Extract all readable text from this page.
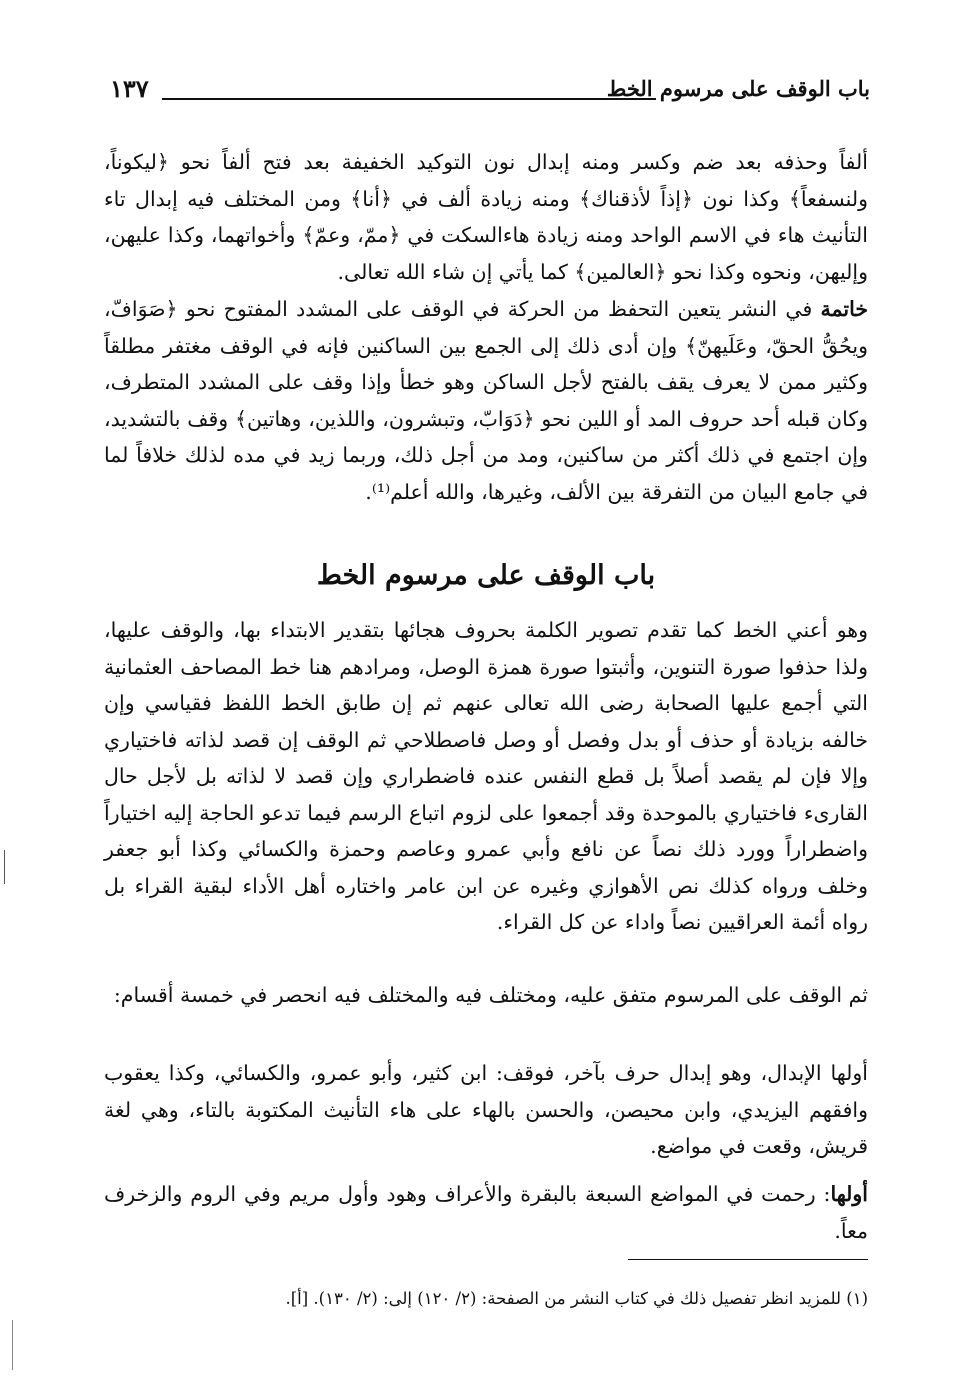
باب الوقف على مرسوم الخط
١٣٧
ألفاً وحذفه بعد ضم وكسر ومنه إبدال نون التوكيد الخفيفة بعد فتح ألفاً نحو ﴿ليكوناً، ولنسفعاً﴾ وكذا نون ﴿إذاً لأذقناك﴾ ومنه زيادة ألف في ﴿أنا﴾ ومن المختلف فيه إبدال تاء التأنيث هاء في الاسم الواحد ومنه زيادة هاءالسكت في ﴿ممّ، وعمّ﴾ وأخواتهما، وكذا عليهن، وإليهن، ونحوه وكذا نحو ﴿العالمين﴾ كما يأتي إن شاء الله تعالى.
خاتمة في النشر يتعين التحفظ من الحركة في الوقف على المشدد المفتوح نحو ﴿صَوَافّ، ويحُقُّ الحقّ، وعَلَيهنّ﴾ وإن أدى ذلك إلى الجمع بين الساكنين فإنه في الوقف مغتفر مطلقاً وكثير ممن لا يعرف يقف بالفتح لأجل الساكن وهو خطأ وإذا وقف على المشدد المتطرف، وكان قبله أحد حروف المد أو اللين نحو ﴿دَوَابّ، وتبشرون، واللذين، وهاتين﴾ وقف بالتشديد، وإن اجتمع في ذلك أكثر من ساكنين، ومد من أجل ذلك، وربما زيد في مده لذلك خلافاً لما في جامع البيان من التفرقة بين الألف، وغيرها، والله أعلم⁽¹⁾.
باب الوقف على مرسوم الخط
وهو أعني الخط كما تقدم تصوير الكلمة بحروف هجائها بتقدير الابتداء بها، والوقف عليها، ولذا حذفوا صورة التنوين، وأثبتوا صورة همزة الوصل، ومرادهم هنا خط المصاحف العثمانية التي أجمع عليها الصحابة رضى الله تعالى عنهم ثم إن طابق الخط اللفظ فقياسي وإن خالفه بزيادة أو حذف أو بدل وفصل أو وصل فاصطلاحي ثم الوقف إن قصد لذاته فاختياري وإلا فإن لم يقصد أصلاً بل قطع النفس عنده فاضطراري وإن قصد لا لذاته بل لأجل حال القارىء فاختياري بالموحدة وقد أجمعوا على لزوم اتباع الرسم فيما تدعو الحاجة إليه اختياراً واضطراراً وورد ذلك نصاً عن نافع وأبي عمرو وعاصم وحمزة والكسائي وكذا أبو جعفر وخلف ورواه كذلك نص الأهوازي وغيره عن ابن عامر واختاره أهل الأداء لبقية القراء بل رواه أئمة العراقيين نصاً واداء عن كل القراء.
ثم الوقف على المرسوم متفق عليه، ومختلف فيه والمختلف فيه انحصر في خمسة أقسام:
أولها الإبدال، وهو إبدال حرف بآخر، فوقف: ابن كثير، وأبو عمرو، والكسائي، وكذا يعقوب وافقهم اليزيدي، وابن محيصن، والحسن بالهاء على هاء التأنيث المكتوبة بالتاء، وهي لغة قريش، وقعت في مواضع.
أولها: رحمت في المواضع السبعة بالبقرة والأعراف وهود وأول مريم وفي الروم والزخرف معاً.
(١) للمزيد انظر تفصيل ذلك في كتاب النشر من الصفحة: (٢/ ١٢٠) إلى: (٢/ ١٣٠). [أ].
